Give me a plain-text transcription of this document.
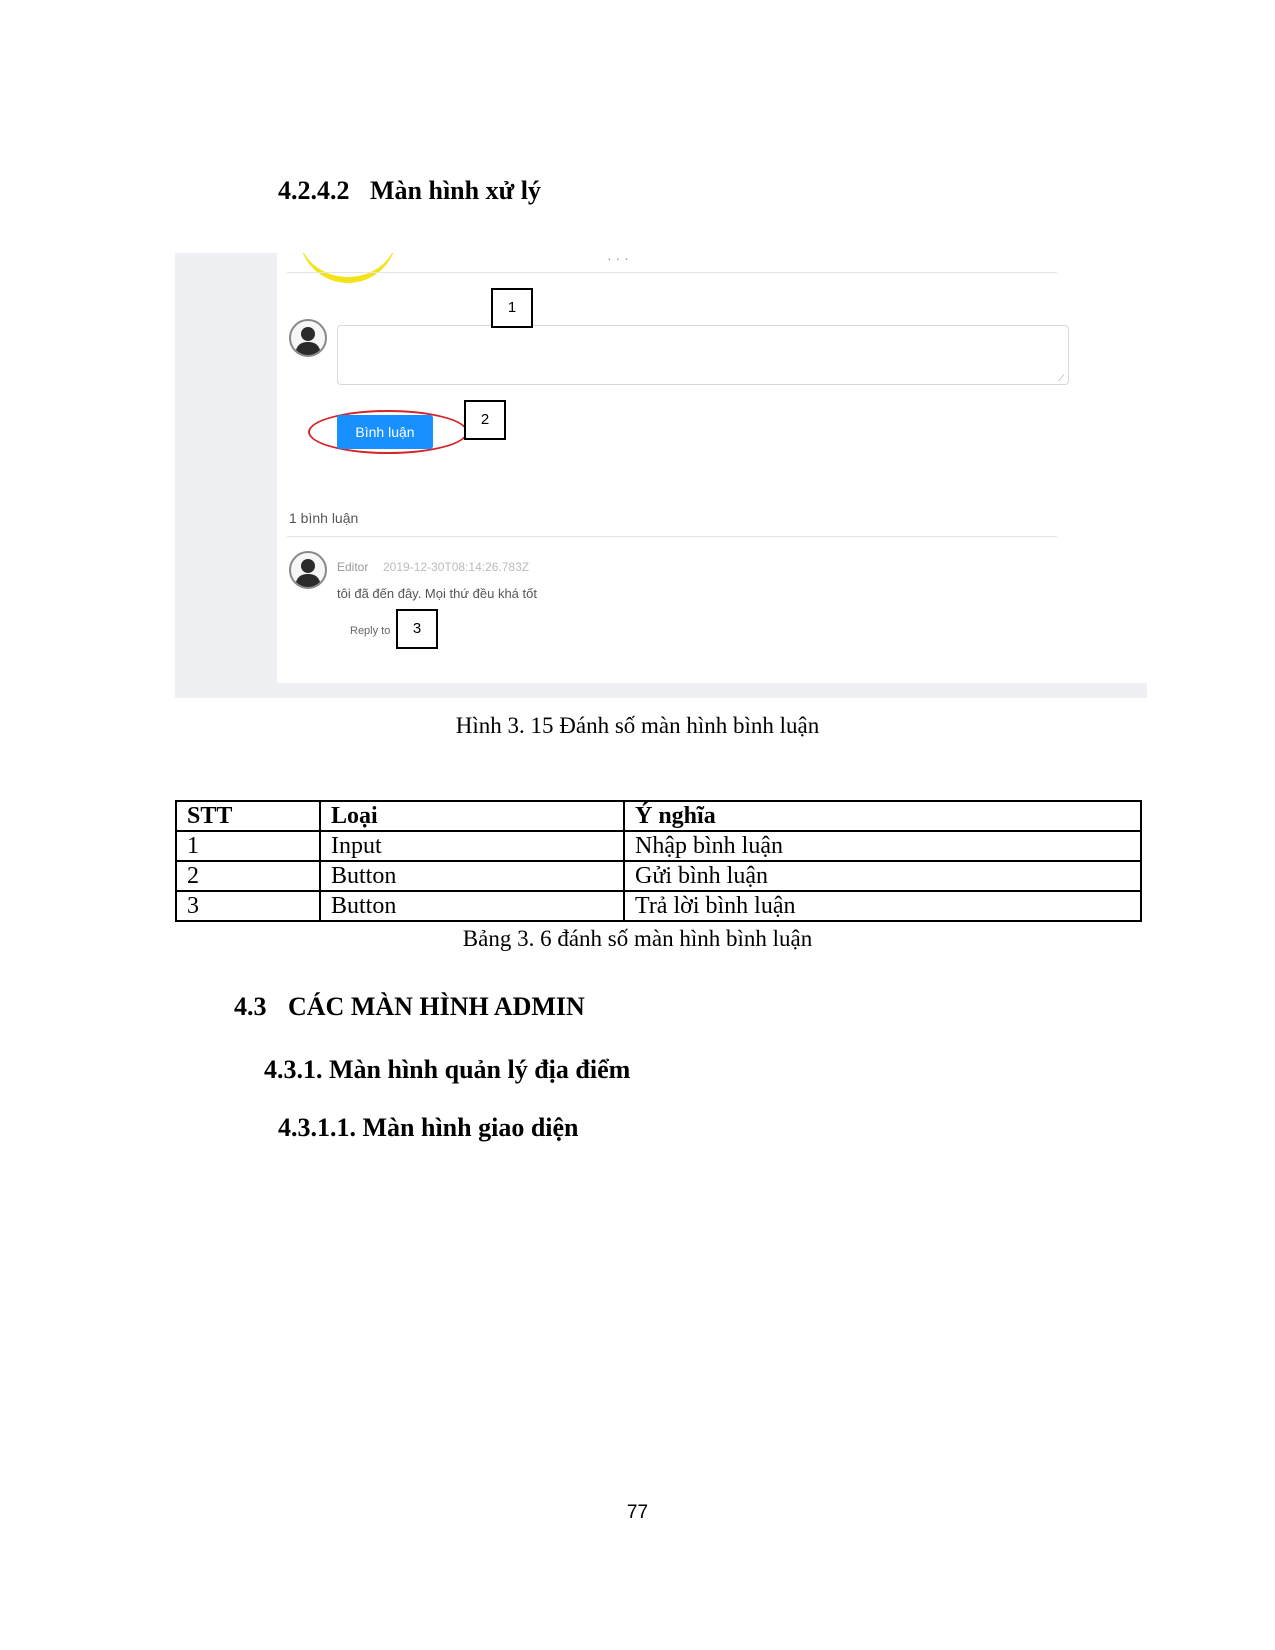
4.2.4.2 Màn hình xử lý
· · ·
⟋
1
Bình luận
2
1 bình luận
Editor 2019-12-30T08:14:26.783Z
tôi đã đến đây. Mọi thứ đều khá tốt
Reply to	3
Hình 3. 15 Đánh số màn hình bình luận
STT	Loại	Ý nghĩa
1	Input	Nhập bình luận
2	Button	Gửi bình luận
3	Button	Trả lời bình luận
Bảng 3. 6 đánh số màn hình bình luận
4.3 CÁC MÀN HÌNH ADMIN
4.3.1. Màn hình quản lý địa điểm
4.3.1.1. Màn hình giao diện
77
